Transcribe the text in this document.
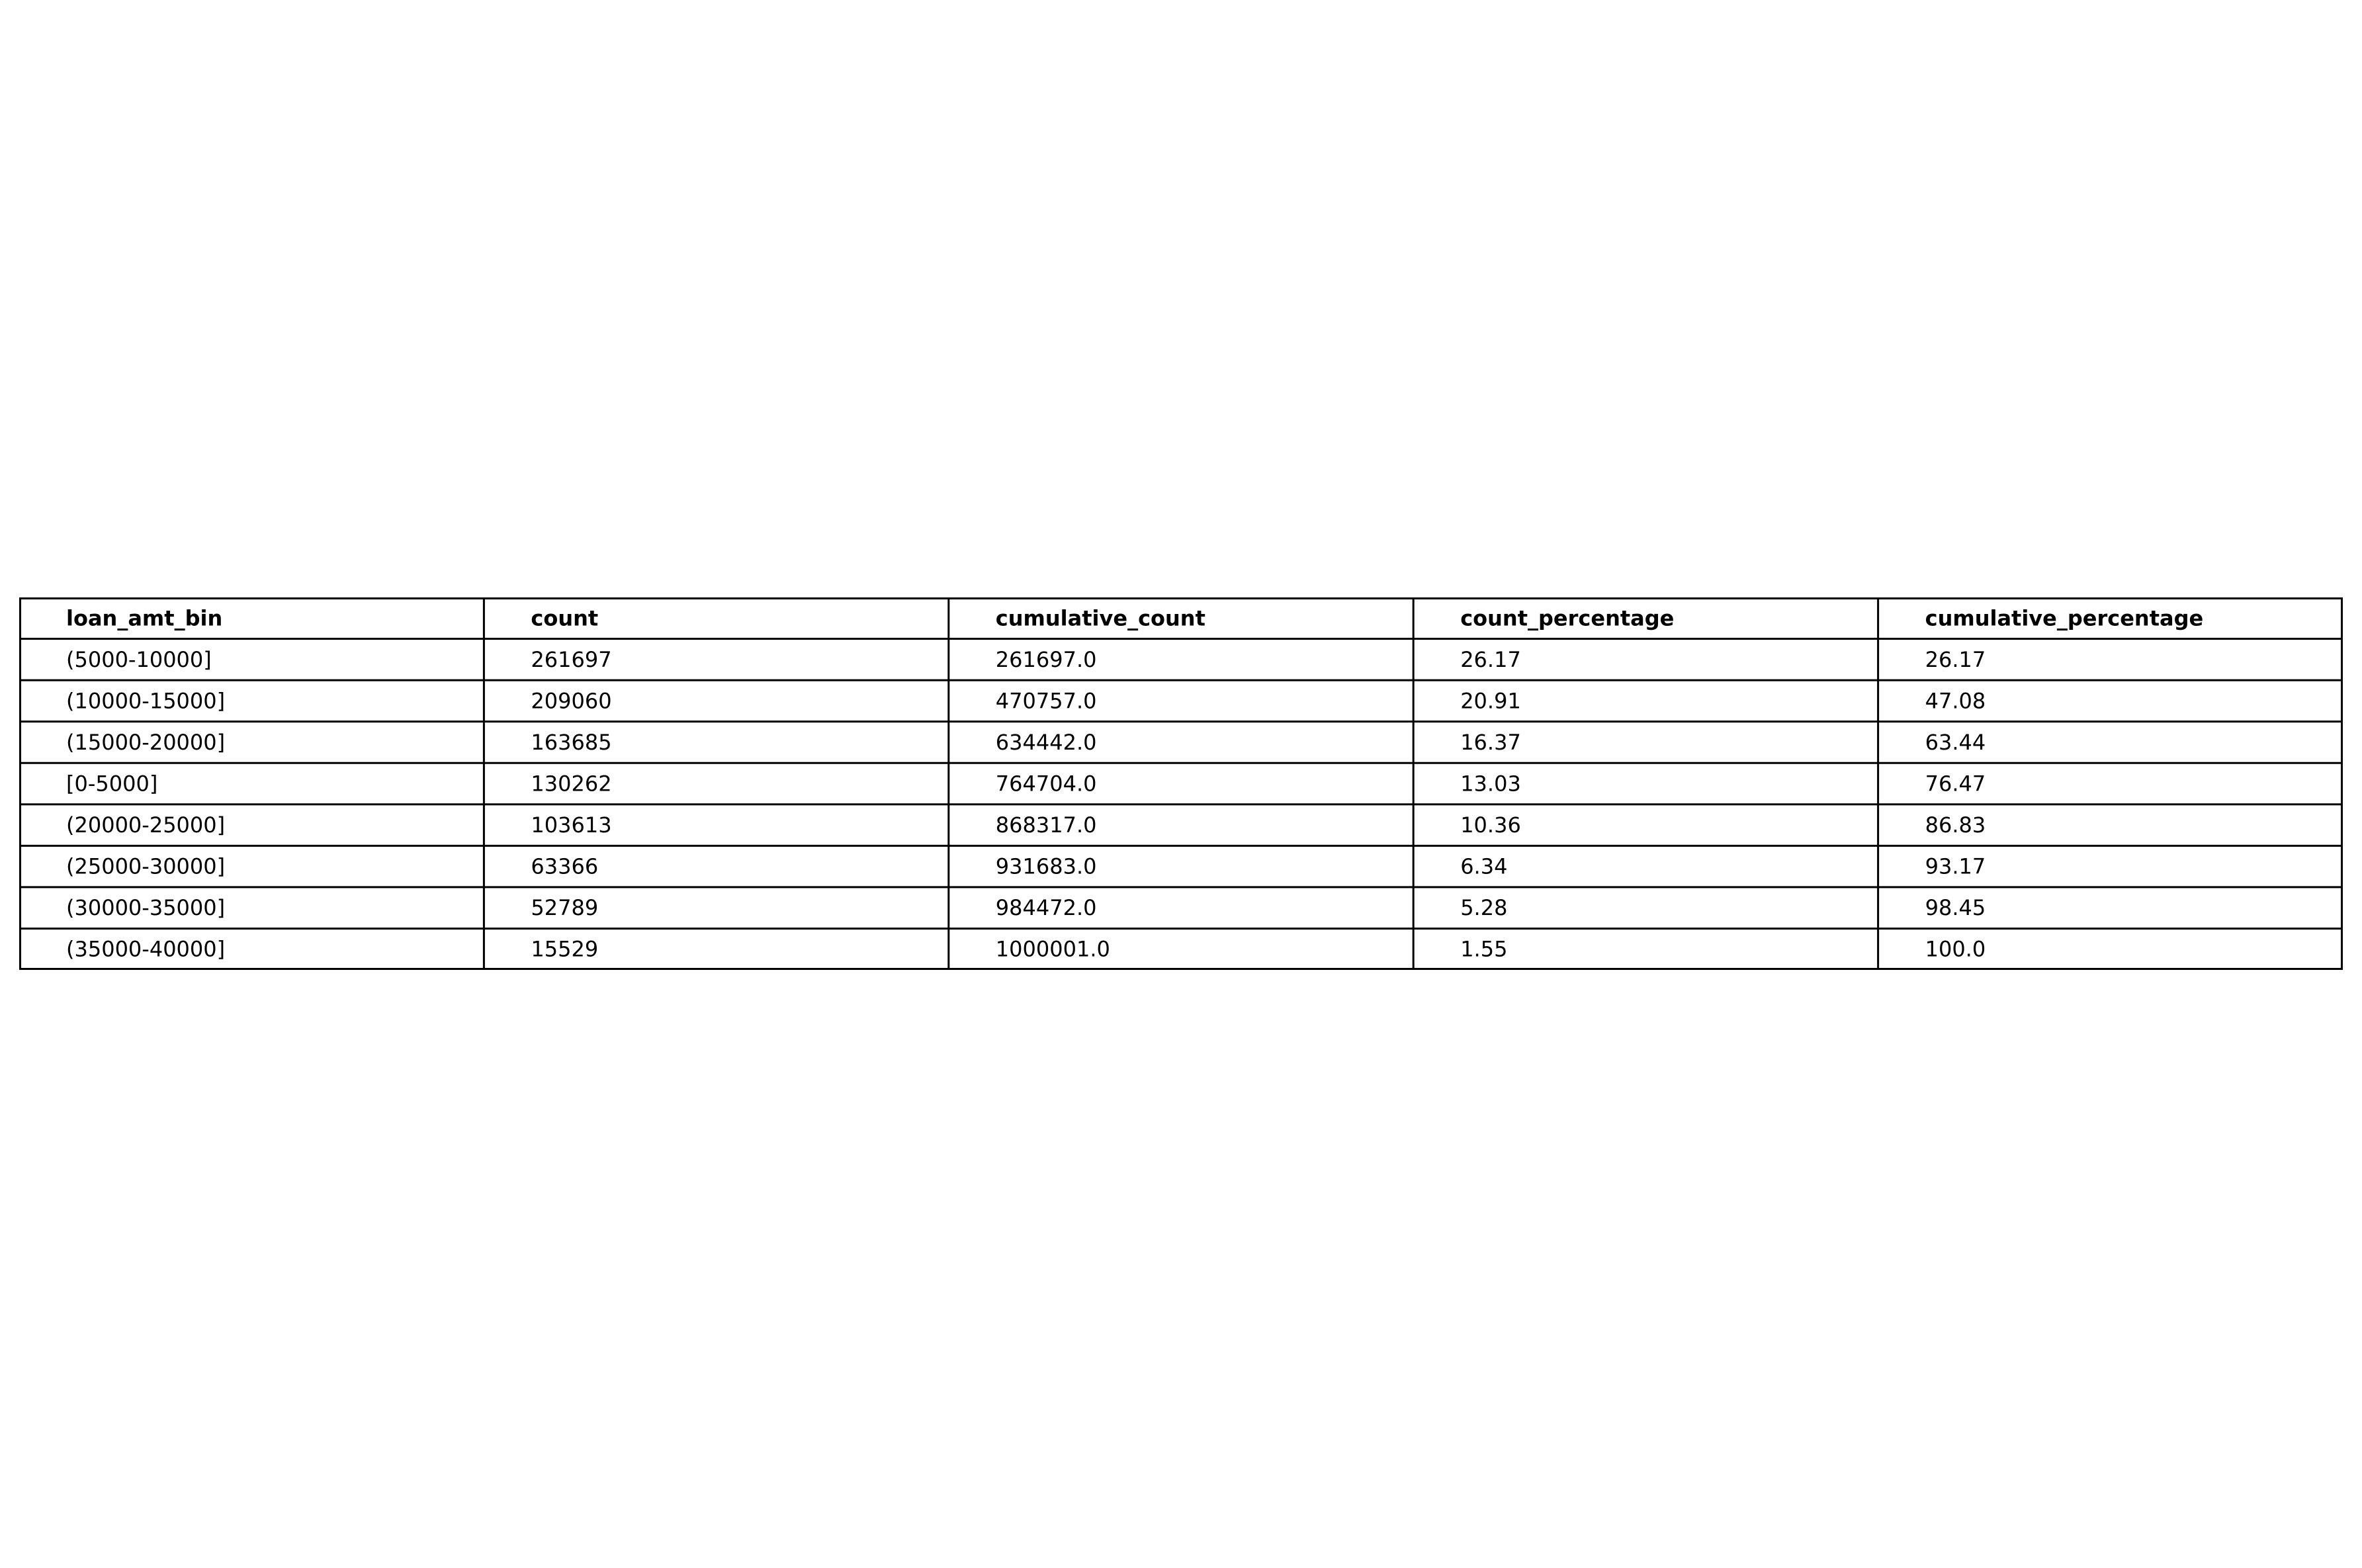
loan_amt_bin	count	cumulative_count	count_percentage	cumulative_percentage
(5000-10000]	261697	261697.0	26.17	26.17
(10000-15000]	209060	470757.0	20.91	47.08
(15000-20000]	163685	634442.0	16.37	63.44
[0-5000]	130262	764704.0	13.03	76.47
(20000-25000]	103613	868317.0	10.36	86.83
(25000-30000]	63366	931683.0	6.34	93.17
(30000-35000]	52789	984472.0	5.28	98.45
(35000-40000]	15529	1000001.0	1.55	100.0
